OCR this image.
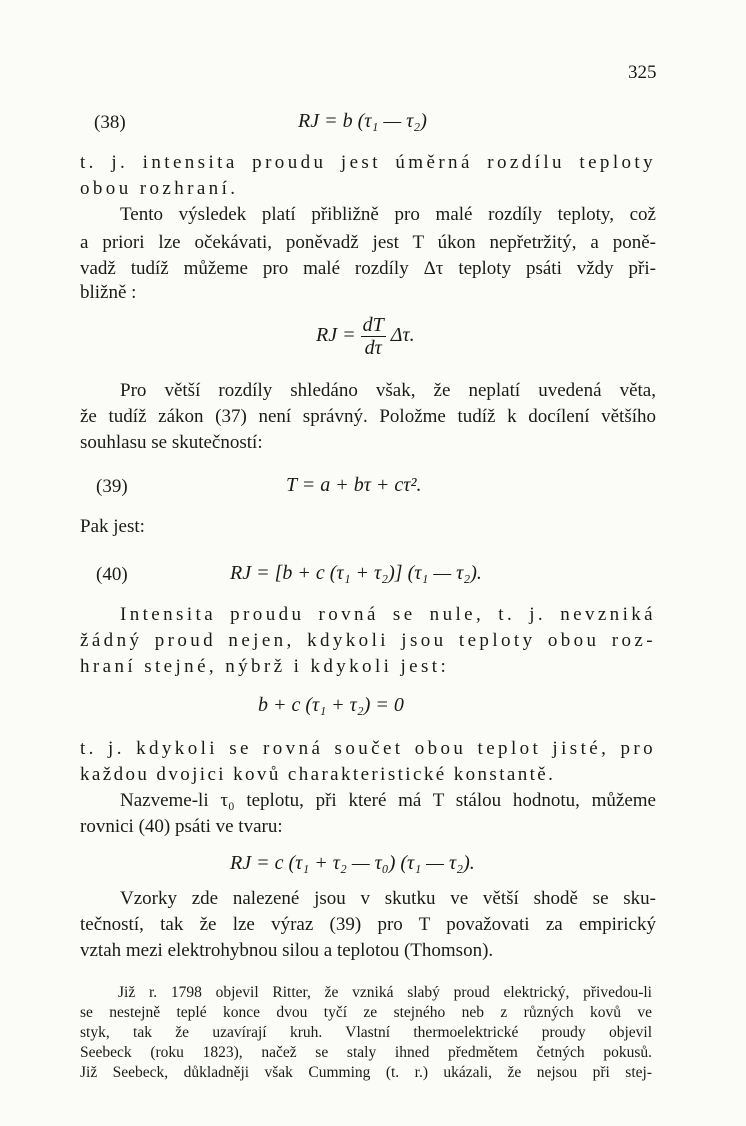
325
(38)	RJ = b (τ₁ — τ₂)
t. j. intensita proudu jest úměrná rozdílu teploty
obou rozhraní.
Tento výsledek platí přibližně pro malé rozdíly teploty, což
a priori lze očekávati, poněvadž jest T úkon nepřetržitý, a poně-
vadž tudíž můžeme pro malé rozdíly Δτ teploty psáti vždy při-
bližně :
RJ = $\frac{dT}{d\tau} \Delta\tau$.
Pro větší rozdíly shledáno však, že neplatí uvedená věta,
že tudíž zákon (37) není správný. Položme tudíž k docílení většího
souhlasu se skutečností:
(39)	T = a + bτ + cτ².
Pak jest:
(40)	RJ = [b + c (τ₁ + τ₂)] (τ₁ — τ₂).
Intensita proudu rovná se nule, t. j. nevzniká
žádný proud nejen, kdykoli jsou teploty obou roz-
hraní stejné, nýbrž i kdykoli jest:
b + c (τ₁ + τ₂) = 0
t. j. kdykoli se rovná součet obou teplot jisté, pro
každou dvojici kovů charakteristické konstantě.
Nazveme-li τ₀ teplotu, při které má T stálou hodnotu, můžeme
rovnici (40) psáti ve tvaru:
RJ = c (τ₁ + τ₂ — τ₀) (τ₁ — τ₂).
Vzorky zde nalezené jsou v skutku ve větší shodě se sku-
tečností, tak že lze výraz (39) pro T považovati za empirický
vztah mezi elektrohybnou silou a teplotou (Thomson).
Již r. 1798 objevil Ritter, že vzniká slabý proud elektrický, přivedou-li
se nestejně teplé konce dvou tyčí ze stejného neb z různých kovů ve
styk, tak že uzavírají kruh. Vlastní thermoelektrické proudy objevil
Seebeck (roku 1823), načež se staly ihned předmětem četných pokusů.
Již Seebeck, důkladněji však Cumming (t. r.) ukázali, že nejsou při stej-
